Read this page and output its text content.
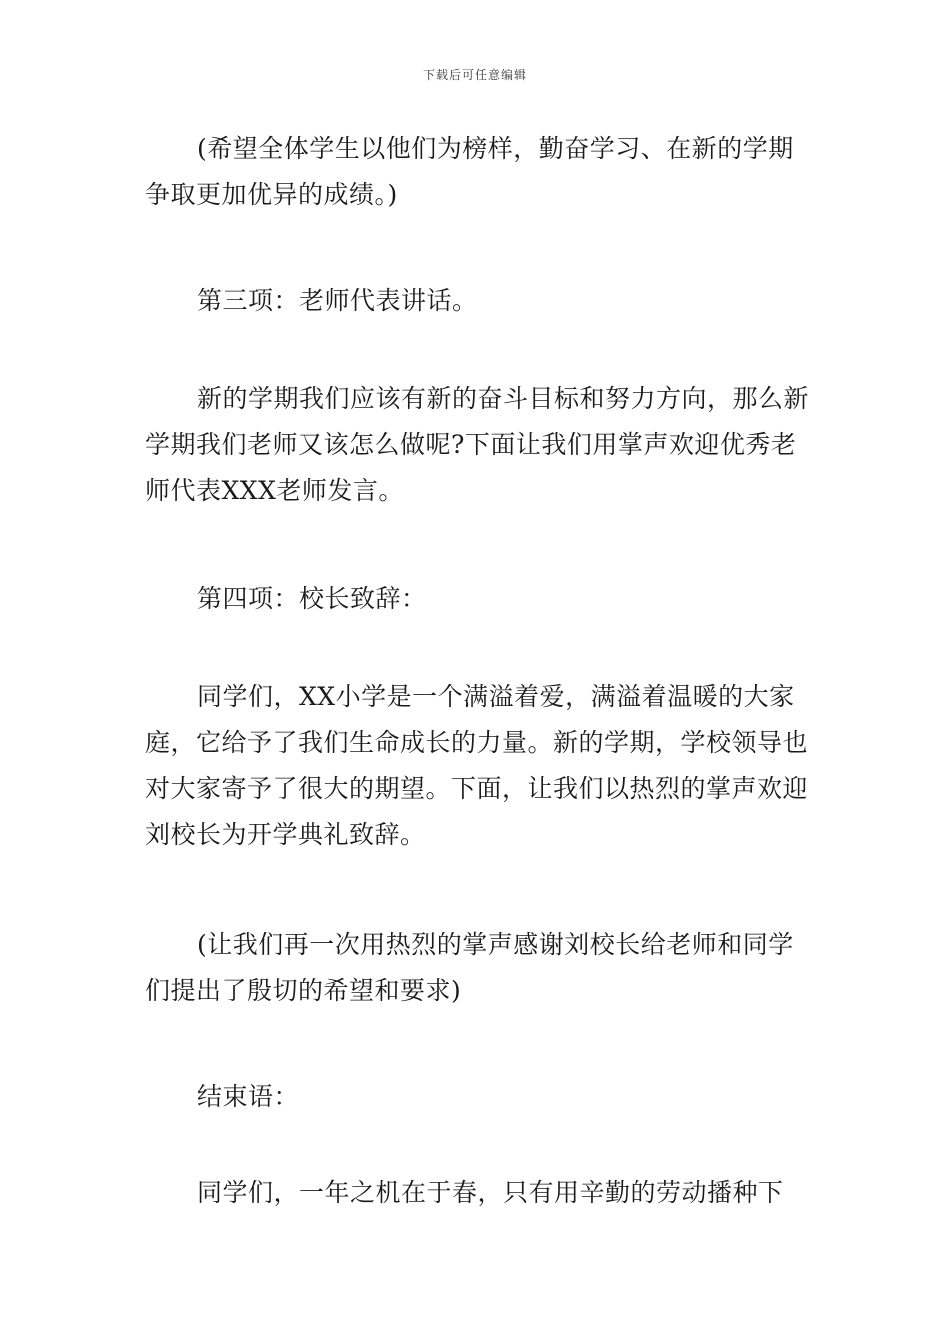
下载后可任意编辑

(希望全体学生以他们为榜样，勤奋学习、在新的学期争取更加优异的成绩。)

第三项：老师代表讲话。

新的学期我们应该有新的奋斗目标和努力方向，那么新学期我们老师又该怎么做呢?下面让我们用掌声欢迎优秀老师代表XXX老师发言。

第四项：校长致辞：

同学们，XX小学是一个满溢着爱，满溢着温暖的大家庭，它给予了我们生命成长的力量。新的学期，学校领导也对大家寄予了很大的期望。下面，让我们以热烈的掌声欢迎刘校长为开学典礼致辞。

(让我们再一次用热烈的掌声感谢刘校长给老师和同学们提出了殷切的希望和要求)

结束语：

同学们，一年之机在于春，只有用辛勤的劳动播种下
